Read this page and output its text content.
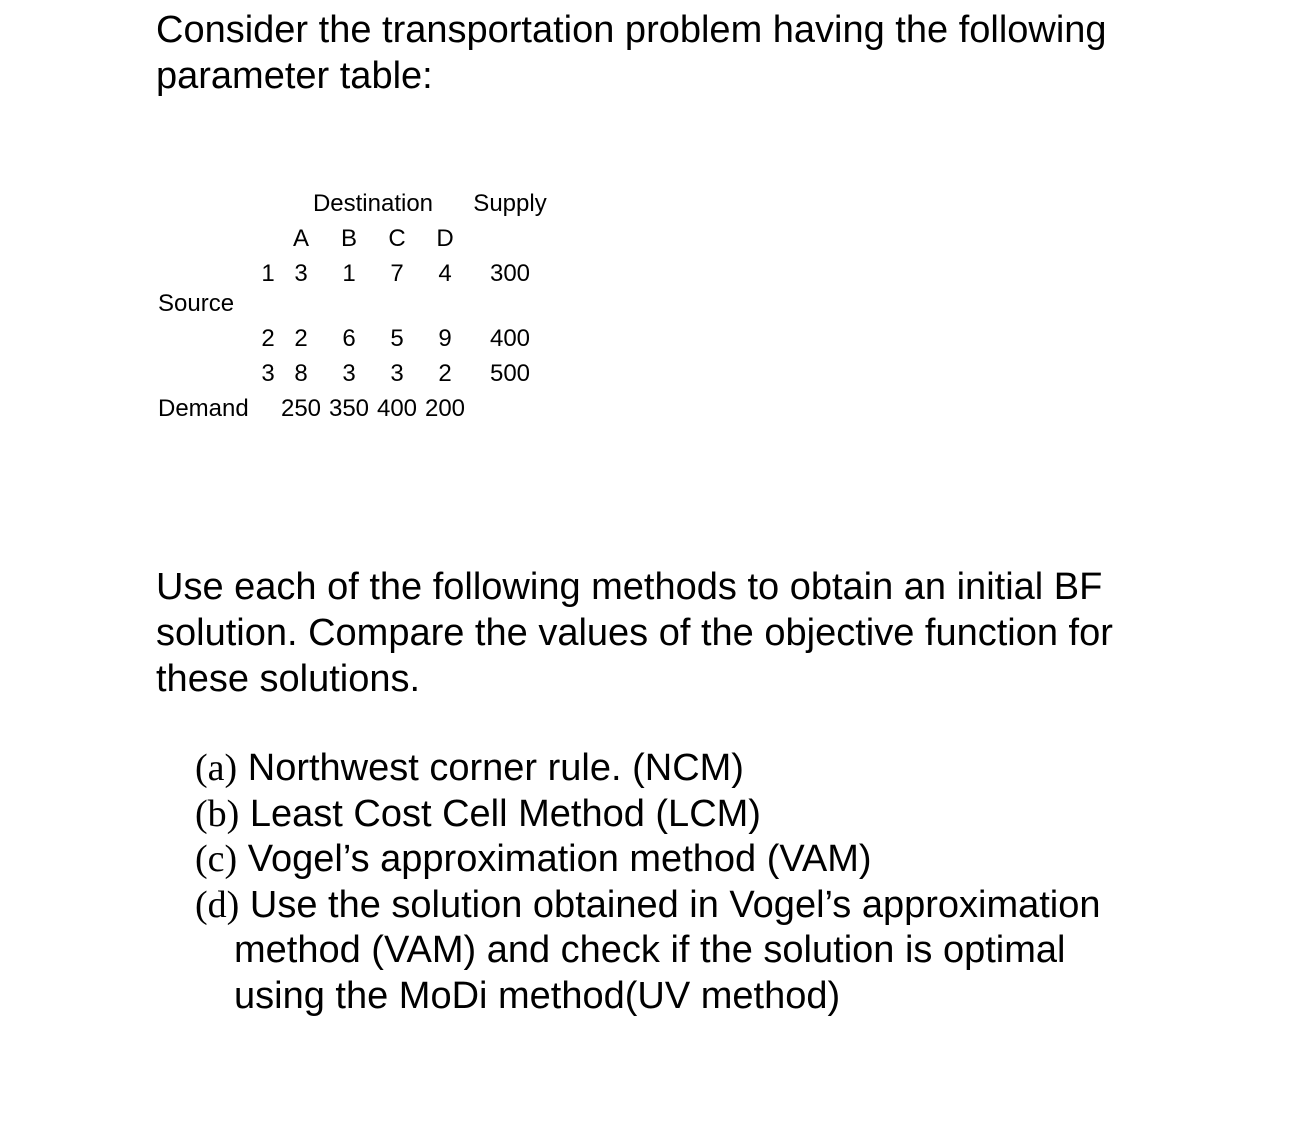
Consider the transportation problem having the following parameter table:

Destination Supply
A B C D
1 3 1 7 4 300
Source
2 2 6 5 9 400
3 8 3 3 2 500
Demand 250 350 400 200

Use each of the following methods to obtain an initial BF solution. Compare the values of the objective function for these solutions.

(a) Northwest corner rule. (NCM)
(b) Least Cost Cell Method (LCM)
(c) Vogel’s approximation method (VAM)
(d) Use the solution obtained in Vogel’s approximation
method (VAM) and check if the solution is optimal
using the MoDi method(UV method)
